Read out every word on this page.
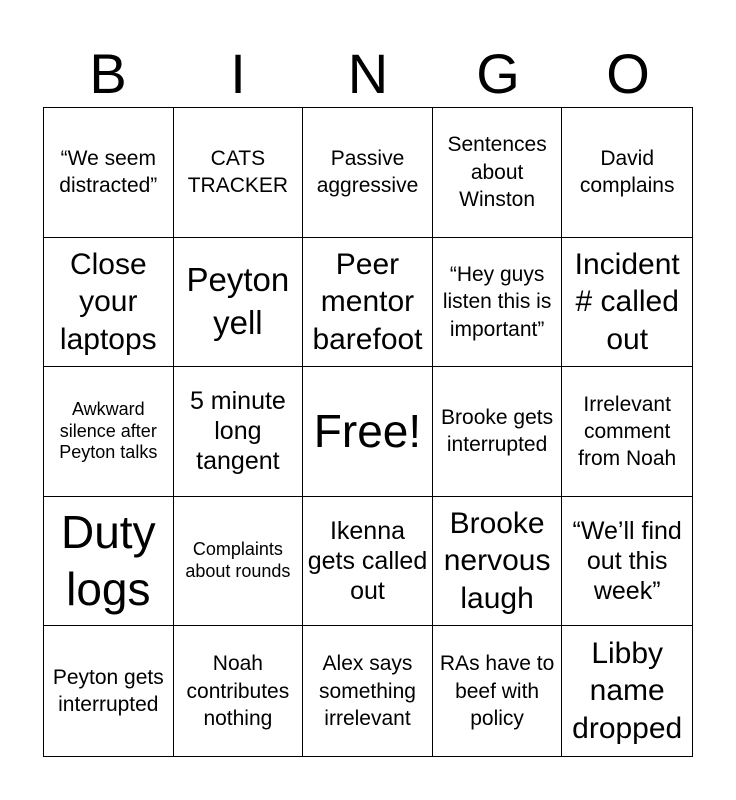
B	I	N	G	O
“We seem distracted”
CATS TRACKER
Passive aggressive
Sentences about Winston
David complains
Close your laptops
Peyton yell
Peer mentor barefoot
“Hey guys listen this is important”
Incident # called out
Awkward silence after Peyton talks
5 minute long tangent
Free! Brooke gets interrupted
Irrelevant comment from Noah
Duty logs
Complaints about rounds
Ikenna gets called out
Brooke nervous laugh
“We’ll find out this week”
Peyton gets interrupted
Noah contributes nothing
Alex says something irrelevant
RAs have to beef with policy
Libby name dropped
